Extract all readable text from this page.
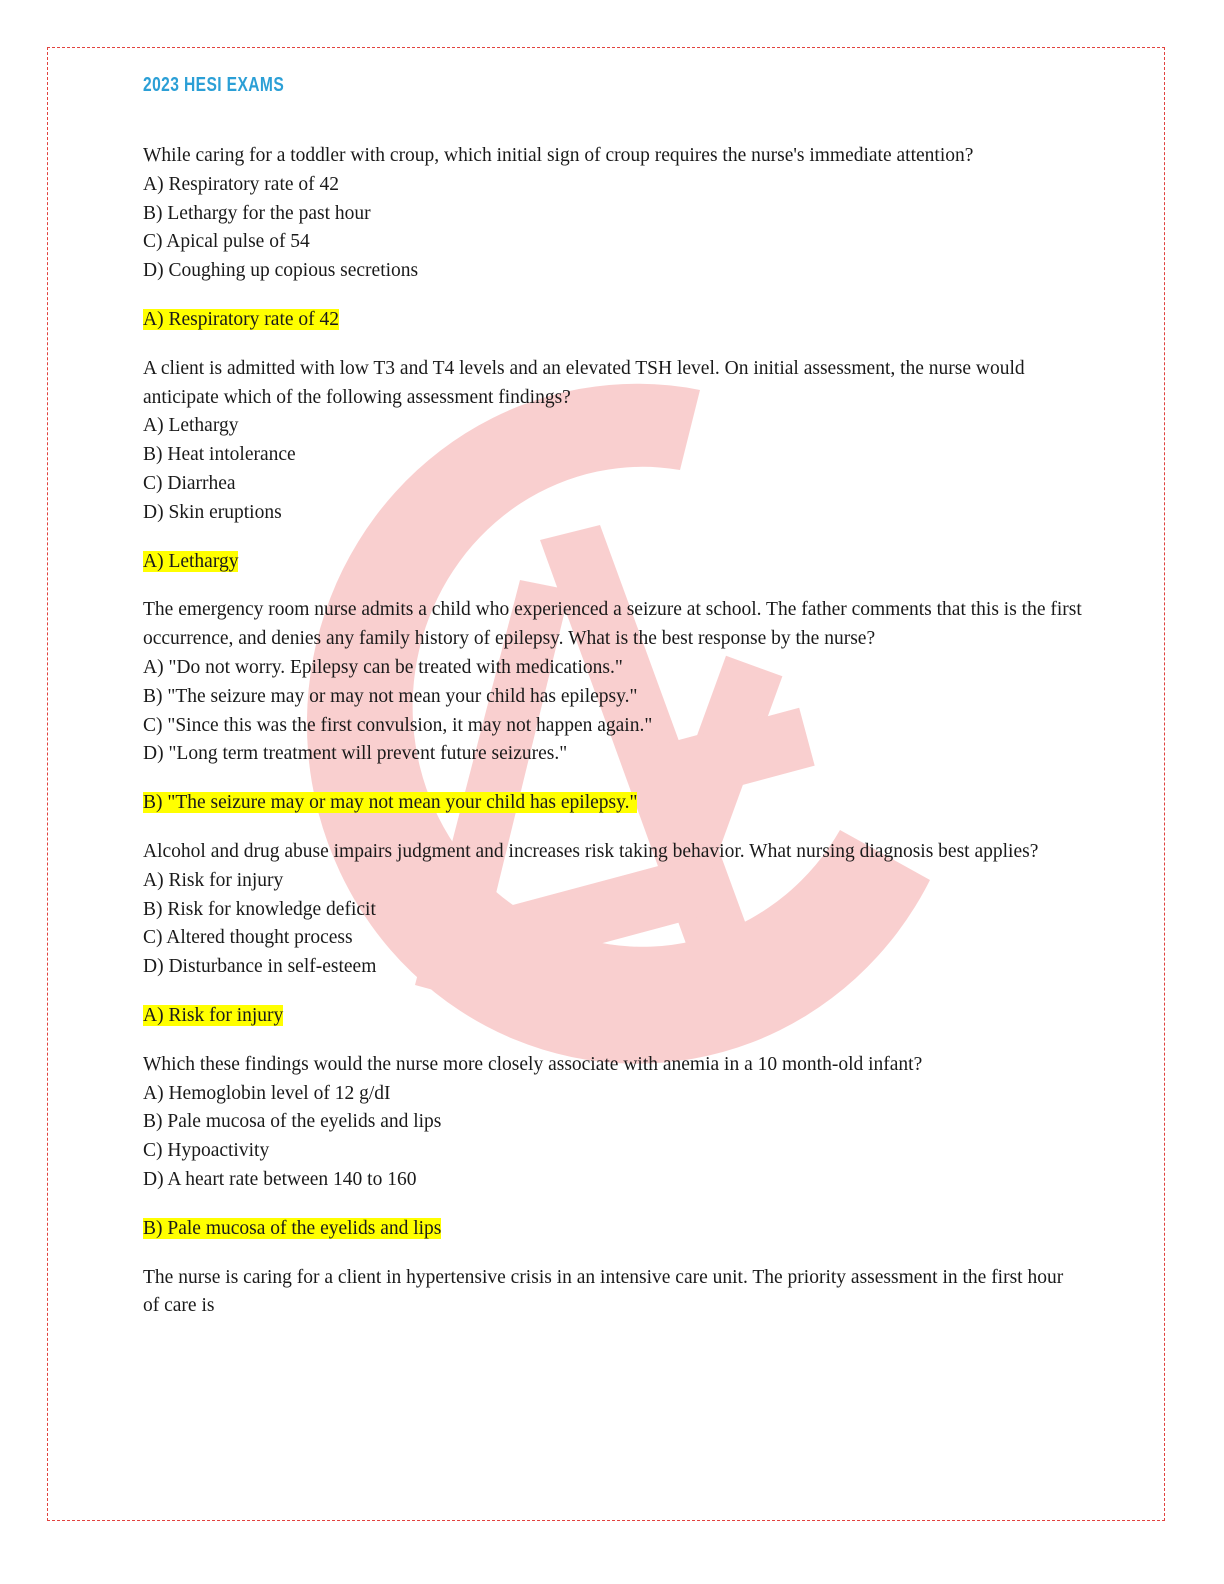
2023 HESI EXAMS

While caring for a toddler with croup, which initial sign of croup requires the nurse's immediate attention?

A) Respiratory rate of 42

B) Lethargy for the past hour

C) Apical pulse of 54

D) Coughing up copious secretions

A) Respiratory rate of 42

A client is admitted with low T3 and T4 levels and an elevated TSH level. On initial assessment, the nurse would anticipate which of the following assessment findings?

A) Lethargy

B) Heat intolerance

C) Diarrhea

D) Skin eruptions

A) Lethargy

The emergency room nurse admits a child who experienced a seizure at school. The father comments that this is the first occurrence, and denies any family history of epilepsy. What is the best response by the nurse?

A) "Do not worry. Epilepsy can be treated with medications."

B) "The seizure may or may not mean your child has epilepsy."

C) "Since this was the first convulsion, it may not happen again."

D) "Long term treatment will prevent future seizures."

B) "The seizure may or may not mean your child has epilepsy."

Alcohol and drug abuse impairs judgment and increases risk taking behavior. What nursing diagnosis best applies?

A) Risk for injury

B) Risk for knowledge deficit

C) Altered thought process

D) Disturbance in self-esteem

A) Risk for injury

Which these findings would the nurse more closely associate with anemia in a 10 month-old infant?

A) Hemoglobin level of 12 g/dI

B) Pale mucosa of the eyelids and lips

C) Hypoactivity

D) A heart rate between 140 to 160

B) Pale mucosa of the eyelids and lips

The nurse is caring for a client in hypertensive crisis in an intensive care unit. The priority assessment in the first hour of care is
